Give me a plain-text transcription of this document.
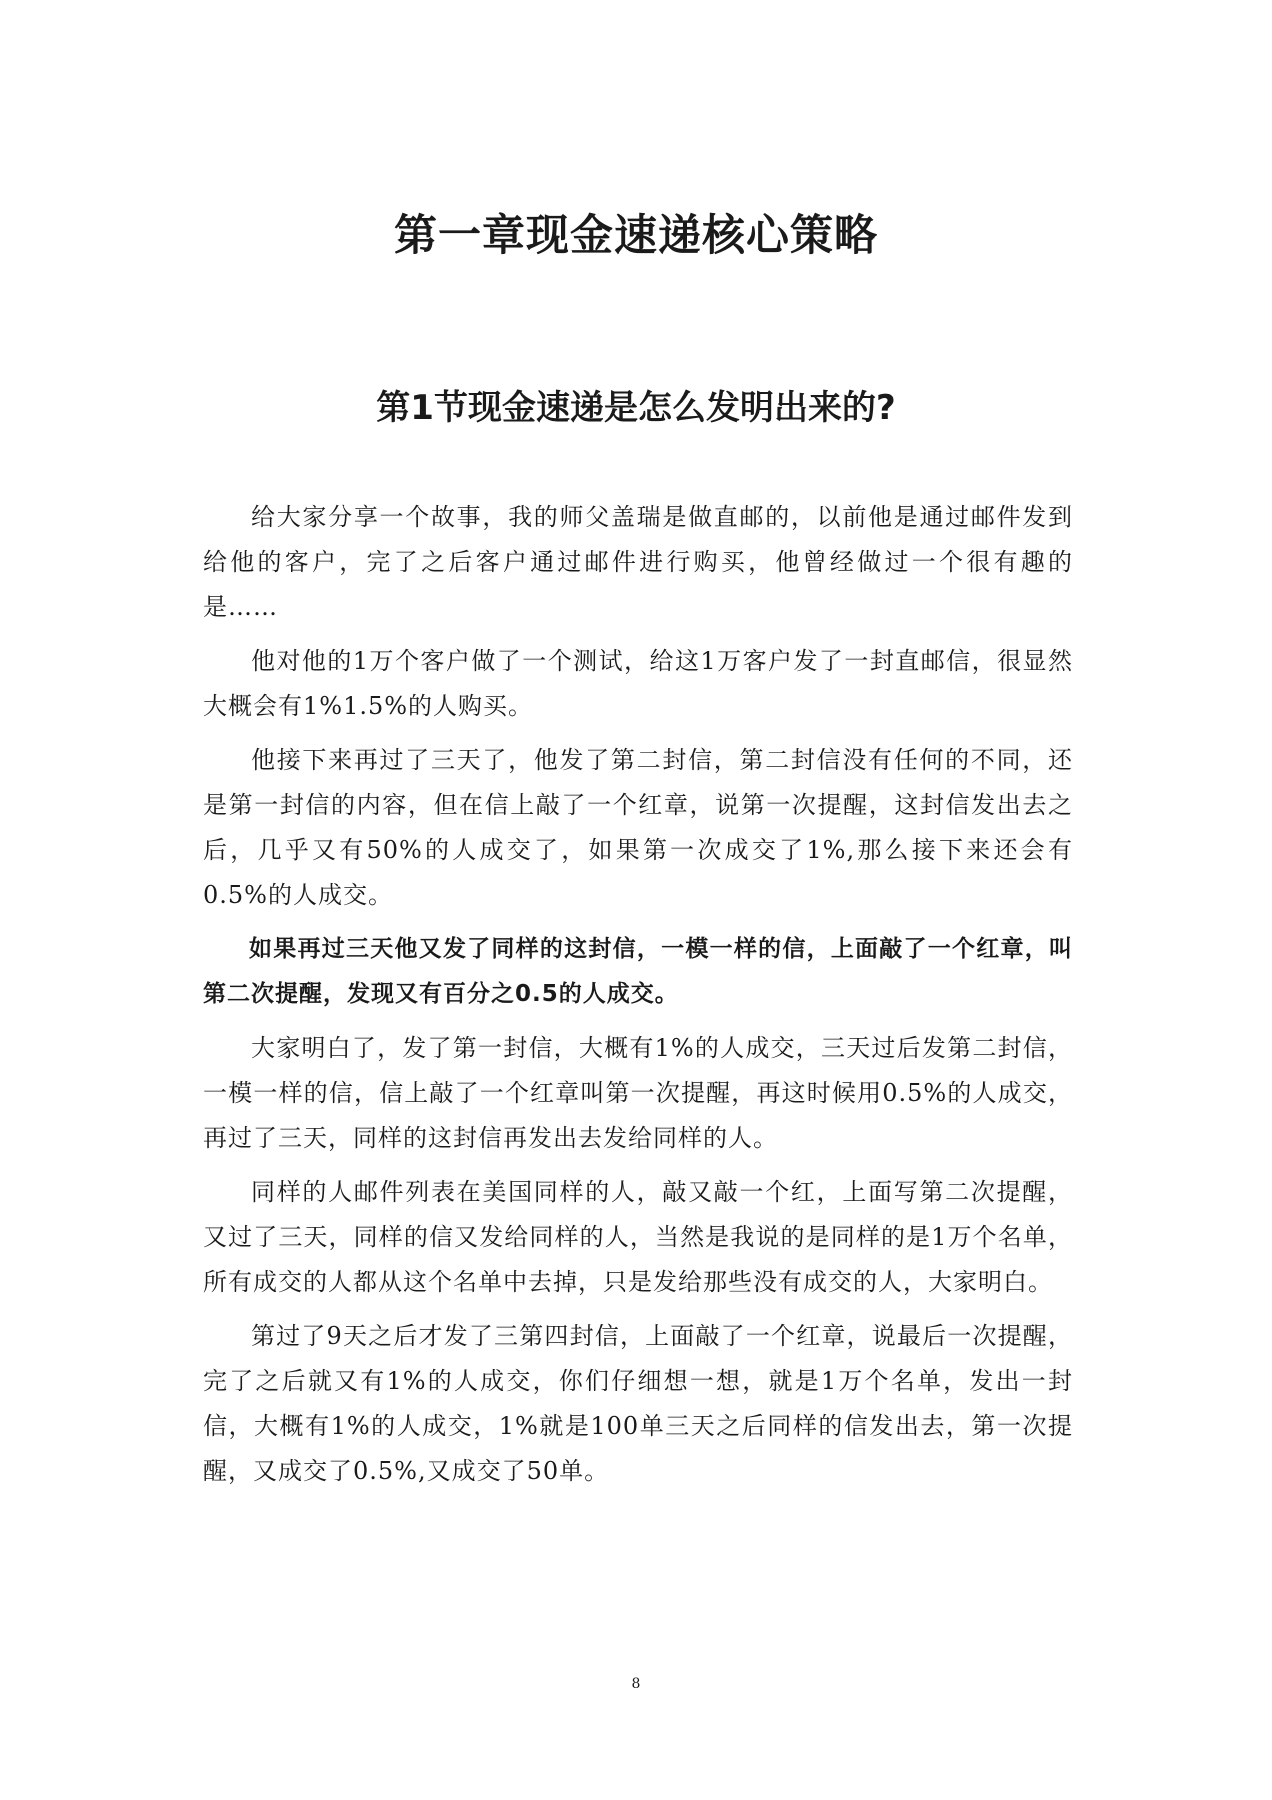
第一章现金速递核心策略
第1节现金速递是怎么发明出来的?

给大家分享一个故事，我的师父盖瑞是做直邮的，以前他是通过邮件发到给他的客户，完了之后客户通过邮件进行购买，他曾经做过一个很有趣的是……

他对他的1万个客户做了一个测试，给这1万客户发了一封直邮信，很显然大概会有1%1.5%的人购买。

他接下来再过了三天了，他发了第二封信，第二封信没有任何的不同，还是第一封信的内容，但在信上敲了一个红章，说第一次提醒，这封信发出去之后，几乎又有50%的人成交了，如果第一次成交了1%,那么接下来还会有0.5%的人成交。

如果再过三天他又发了同样的这封信，一模一样的信，上面敲了一个红章，叫第二次提醒，发现又有百分之0.5的人成交。

大家明白了，发了第一封信，大概有1%的人成交，三天过后发第二封信，一模一样的信，信上敲了一个红章叫第一次提醒，再这时候用0.5%的人成交，再过了三天，同样的这封信再发出去发给同样的人。

同样的人邮件列表在美国同样的人，敲又敲一个红，上面写第二次提醒，又过了三天，同样的信又发给同样的人，当然是我说的是同样的是1万个名单，所有成交的人都从这个名单中去掉，只是发给那些没有成交的人，大家明白。

第过了9天之后才发了三第四封信，上面敲了一个红章，说最后一次提醒，完了之后就又有1%的人成交，你们仔细想一想，就是1万个名单，发出一封信，大概有1%的人成交，1%就是100单三天之后同样的信发出去，第一次提醒，又成交了0.5%,又成交了50单。

8
